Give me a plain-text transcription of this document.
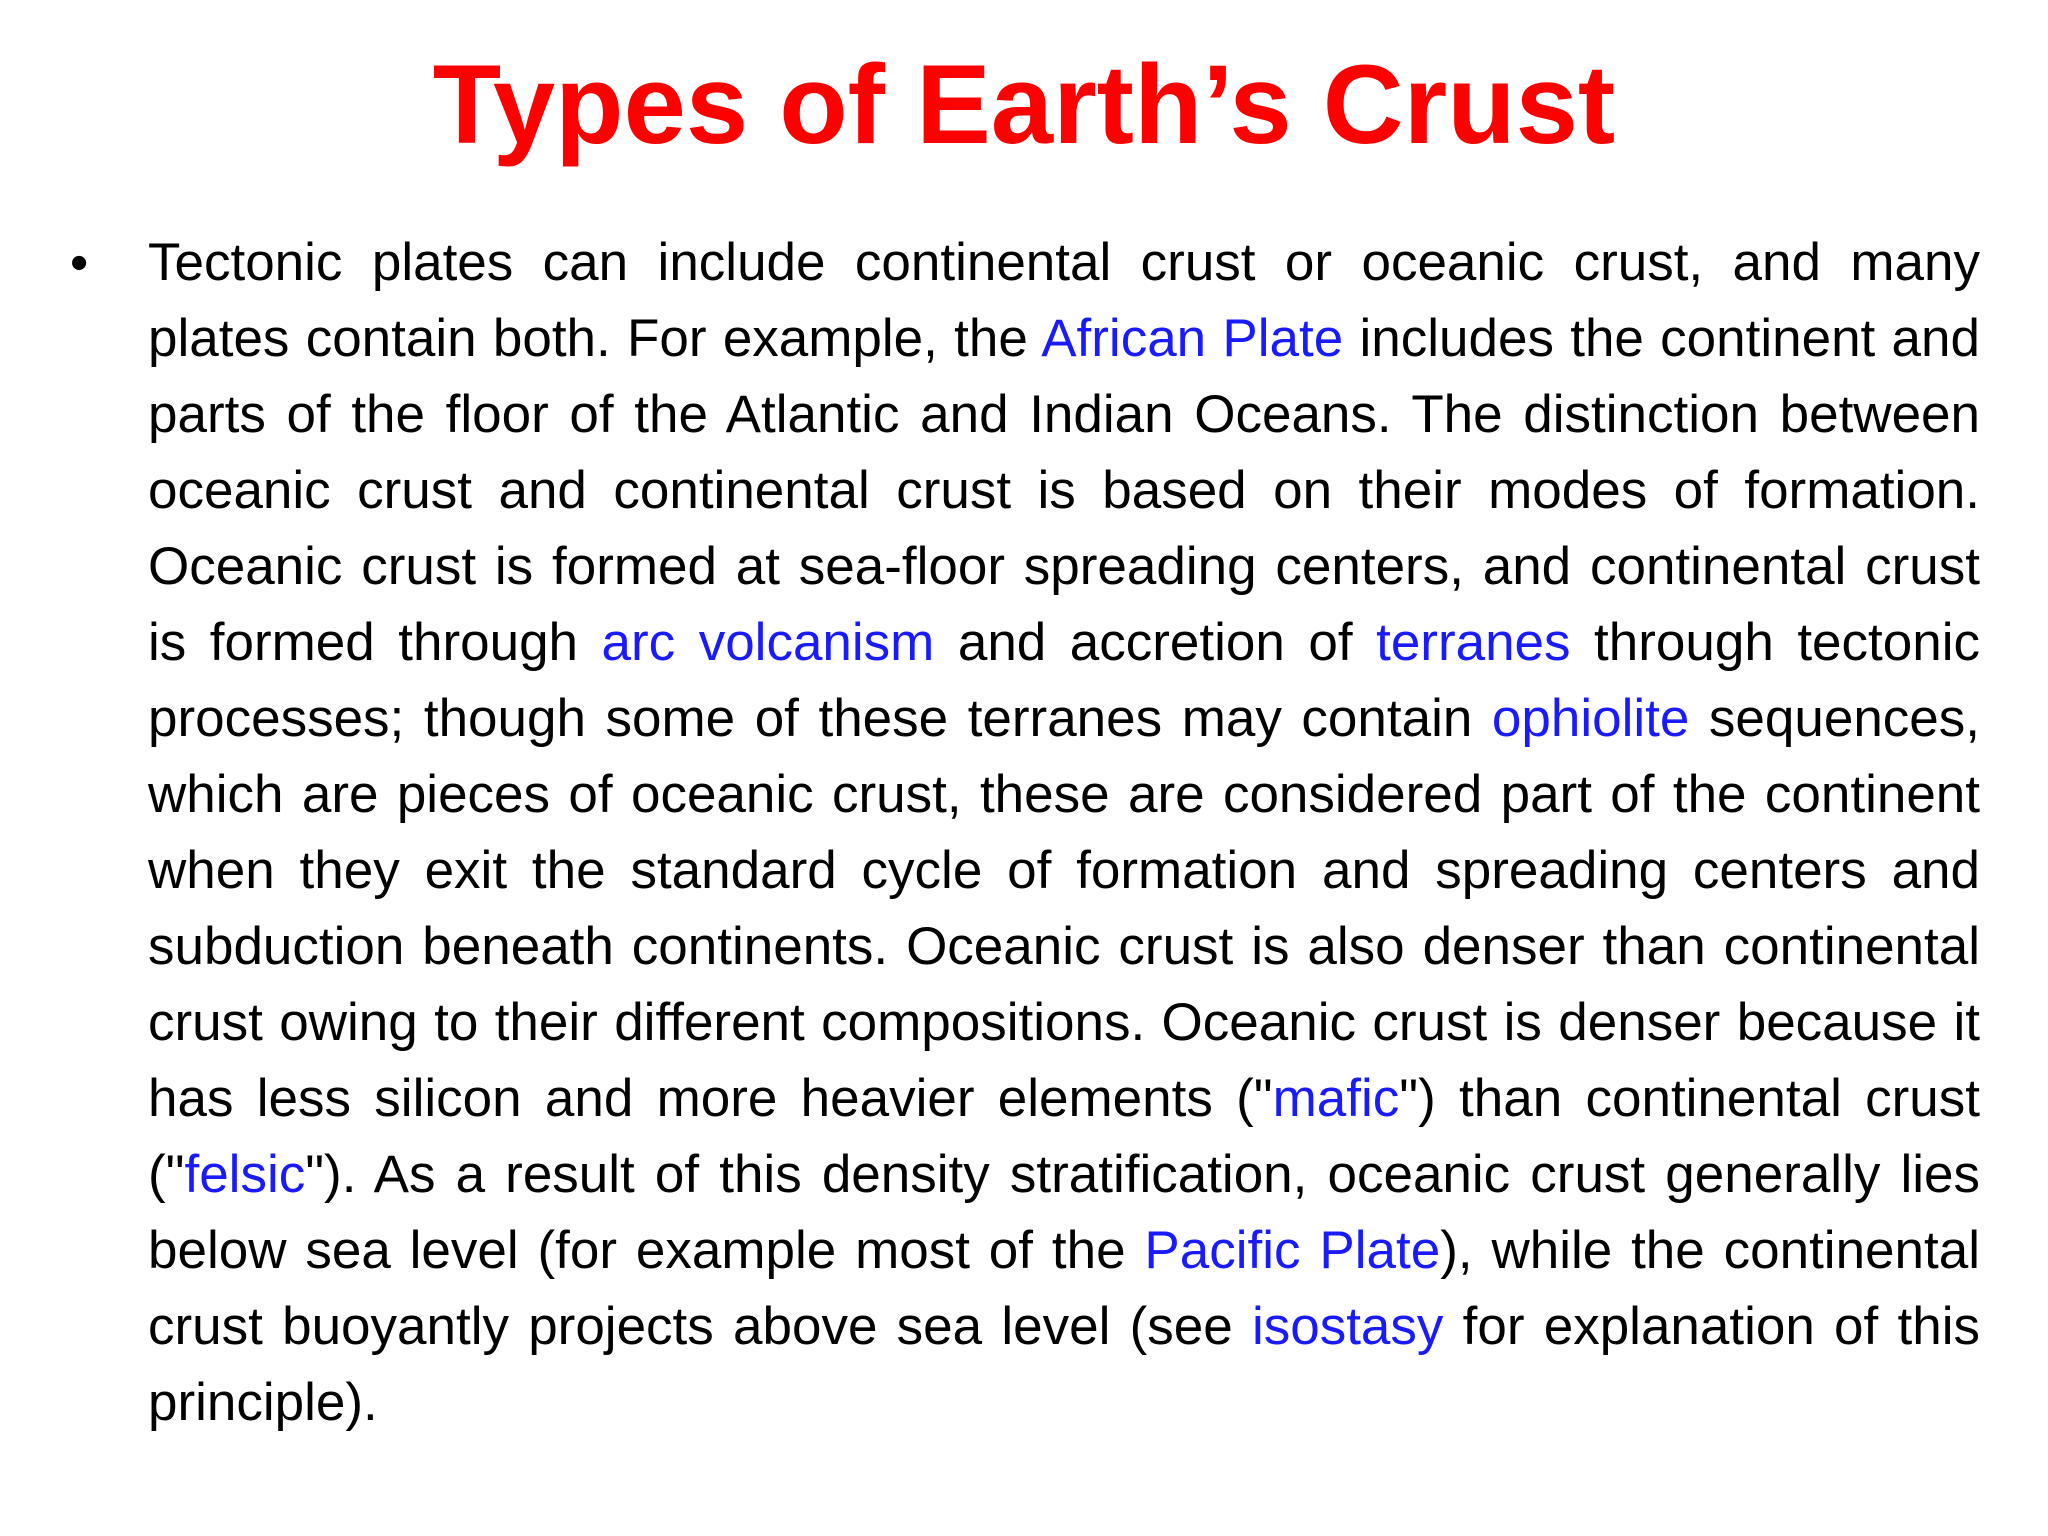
Types of Earth’s Crust
•	Tectonic plates can include continental crust or oceanic crust, and many plates contain both. For example, the African Plate includes the continent and parts of the floor of the Atlantic and Indian Oceans. The distinction between oceanic crust and continental crust is based on their modes of formation. Oceanic crust is formed at sea-floor spreading centers, and continental crust is formed through arc volcanism and accretion of terranes through tectonic processes; though some of these terranes may contain ophiolite sequences, which are pieces of oceanic crust, these are considered part of the continent when they exit the standard cycle of formation and spreading centers and subduction beneath continents. Oceanic crust is also denser than continental crust owing to their different compositions. Oceanic crust is denser because it has less silicon and more heavier elements ("mafic") than continental crust ("felsic"). As a result of this density stratification, oceanic crust generally lies below sea level (for example most of the Pacific Plate), while the continental crust buoyantly projects above sea level (see isostasy for explanation of this principle).
